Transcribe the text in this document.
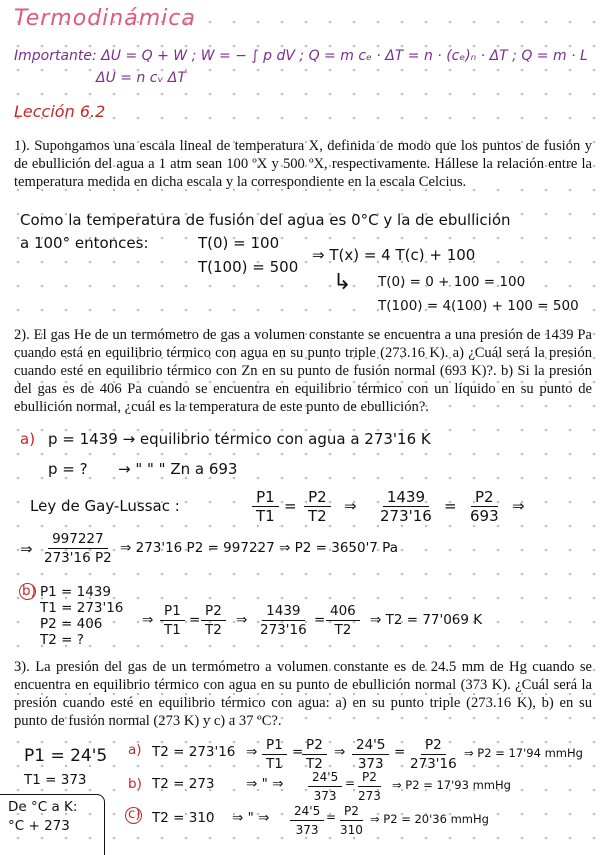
Termodinámica
Importante: ΔU = Q + W ; W = − ∫ p dV ; Q = m cₑ · ΔT = n · (cₑ)ₙ · ΔT ; Q = m · L
ΔU = n cᵥ ΔT
Lección 6.2
1). Supongamos una escala lineal de temperatura X, definida de modo que los puntos de fusión y de ebullición del agua a 1 atm sean 100 ºX y 500 ºX, respectivamente. Hállese la relación entre la temperatura medida en dicha escala y la correspondiente en la escala Celcius.
Como la temperatura de fusión del agua es 0°C y la de ebullición
a 100° entonces:	T(0) = 100
T(100) = 500
⇒ T(x) = 4 T(c) + 100
↳ T(0) = 0 + 100 = 100
T(100) = 4(100) + 100 = 500
2). El gas He de un termómetro de gas a volumen constante se encuentra a una presión de 1439 Pa cuando está en equilibrio térmico con agua en su punto triple (273.16 K). a) ¿Cuál será la presión cuando esté en equilibrio térmico con Zn en su punto de fusión normal (693 K)?. b) Si la presión del gas es de 406 Pa cuando se encuentra en equilibrio térmico con un líquido en su punto de ebullición normal, ¿cuál es la temperatura de este punto de ebullición?.
a) p = 1439 → equilibrio térmico con agua a 273'16 K
p = ? → " " " Zn a 693
Ley de Gay-Lussac :	$\frac{P1}{T1} = \frac{P2}{T2}$ ⇒ $\frac{1439}{273'16} = \frac{P2}{693}$ ⇒
⇒ $\frac{997227}{273'16 P2}$ ⇒ 273'16 P2 = 997227 ⇒ P2 = 3650'7 Pa
b) P1 = 1439
T1 = 273'16
P2 = 406
T2 = ?
⇒ $\frac{P1}{T1} = \frac{P2}{T2}$ ⇒ $\frac{1439}{273'16} = \frac{406}{T2}$ ⇒ T2 = 77'069 K
3). La presión del gas de un termómetro a volumen constante es de 24.5 mm de Hg cuando se encuentra en equilibrio térmico con agua en su punto de ebullición normal (373 K). ¿Cuál será la presión cuando esté en equilibrio térmico con agua: a) en su punto triple (273.16 K), b) en su punto de fusión normal (273 K) y c) a 37 ºC?.
P1 = 24'5
T1 = 373
De °C a K:
°C + 273
a) T2 = 273'16 ⇒ $\frac{P1}{T1}$ =
$\frac{P2}{T2}$ ⇒ $\frac{24'5}{373} = \frac{P2}{273'16}$ ⇒ P2 = 17'94 mmHg
b) T2 = 273 ⇒ " ⇒ $\frac{24'5}{373}$ =
$\frac{P2}{273}$ ⇒ P2 = 17'93 mmHg
c) T2 = 310 ⇒ " ⇒ $\frac{24'5}{373} = \frac{P2}{310}$ ⇒ P2 = 20'36 mmHg
